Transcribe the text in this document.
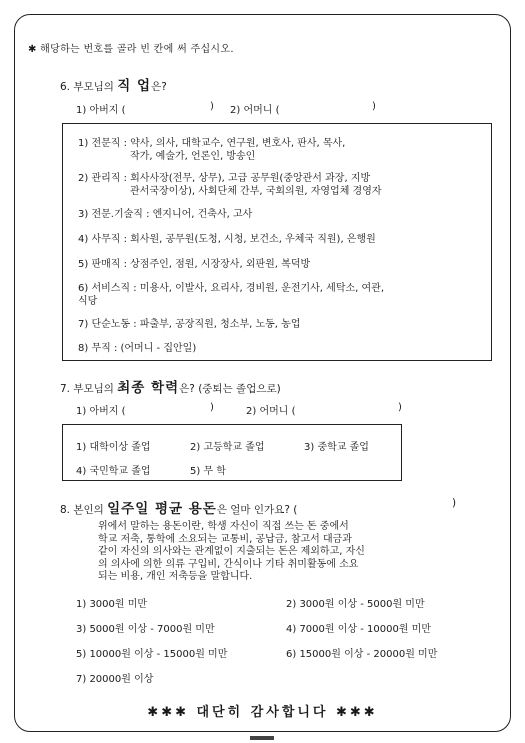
✱ 해당하는 번호를 골라 빈 칸에 써 주십시오.
6. 부모님의 직 업은?
1) 아버지 (	) 2) 어머니 (	)
1) 전문직 : 약사, 의사, 대학교수, 연구원, 변호사, 판사, 목사,
작가, 예술가, 언론인, 방송인
2) 관리직 : 회사사장(전무, 상무), 고급 공무원(중앙관서 과장, 지방
관서국장이상), 사회단체 간부, 국회의원, 자영업체 경영자
3) 전문.기술직 : 엔지니어, 건축사, 고사
4) 사무직 : 회사원, 공무원(도청, 시청, 보건소, 우체국 직원), 은행원
5) 판매직 : 상점주인, 점원, 시장장사, 외판원, 복덕방
6) 서비스직 : 미용사, 이발사, 요리사, 경비원, 운전기사, 세탁소, 여관,
식당
7) 단순노동 : 파출부, 공장직원, 청소부, 노동, 농업
8) 무직 : (어머니 - 집안일)
7. 부모님의 최종 학력은? (중퇴는 졸업으로)
1) 아버지 (	)	2) 어머니 (	)
1) 대학이상 졸업	2) 고등학교 졸업	3) 중학교 졸업
4) 국민학교 졸업	5) 무 학
8. 본인의 일주일 평균 용돈은 얼마 인가요? (
)
위에서 말하는 용돈이란, 학생 자신이 직접 쓰는 돈 중에서
학교 저축, 통학에 소요되는 교통비, 공납금, 참고서 대금과
같이 자신의 의사와는 관계없이 지출되는 돈은 제외하고, 자신
의 의사에 의한 의류 구입비, 간식이나 기타 취미활동에 소요
되는 비용, 개인 저축등을 말합니다.
1) 3000원 미만	2) 3000원 이상 - 5000원 미만
3) 5000원 이상 - 7000원 미만	4) 7000원 이상 - 10000원 미만
5) 10000원 이상 - 15000원 미만	6) 15000원 이상 - 20000원 미만
7) 20000원 이상
✱✱✱ 대단히 감사합니다 ✱✱✱
